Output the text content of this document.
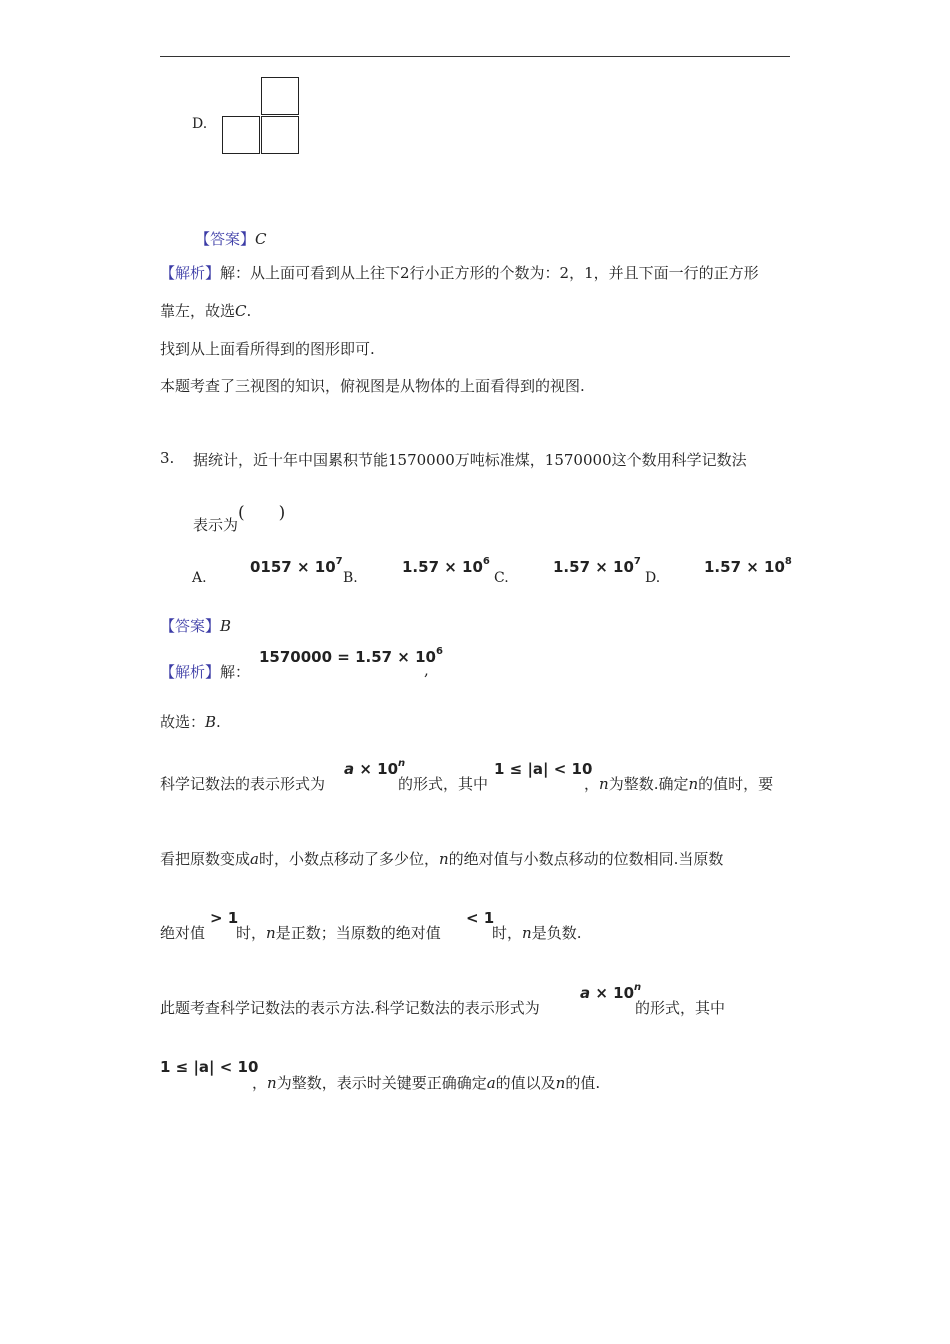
D.
【答案】C
【解析】解：从上面可看到从上往下2行小正方形的个数为：2，1，并且下面一行的正方形
靠左，故选C.
找到从上面看所得到的图形即可.
本题考查了三视图的知识，俯视图是从物体的上面看得到的视图.
3. 据统计，近十年中国累积节能1570000万吨标准煤，1570000这个数用科学记数法
表示为(　　)
A.
$0157 \times 10^7$
B.
$1.57 \times 10^6$
C.
$1.57 \times 10^7$
D.
$1.57 \times 10^8$
【答案】B
【解析】解：
$1570000 = 1.57 \times 10^6$
,
故选：B.
科学记数法的表示形式为
$a \times 10^n$
的形式，其中
1 ≤ |a| < 10
，n为整数.确定n的值时，要
看把原数变成a时，小数点移动了多少位，n的绝对值与小数点移动的位数相同.当原数
绝对值
> 1
时，n是正数；当原数的绝对值
< 1
时，n是负数.
此题考查科学记数法的表示方法.科学记数法的表示形式为
$a \times 10^n$
的形式，其中
1 ≤ |a| < 10
，n为整数，表示时关键要正确确定a的值以及n的值.
